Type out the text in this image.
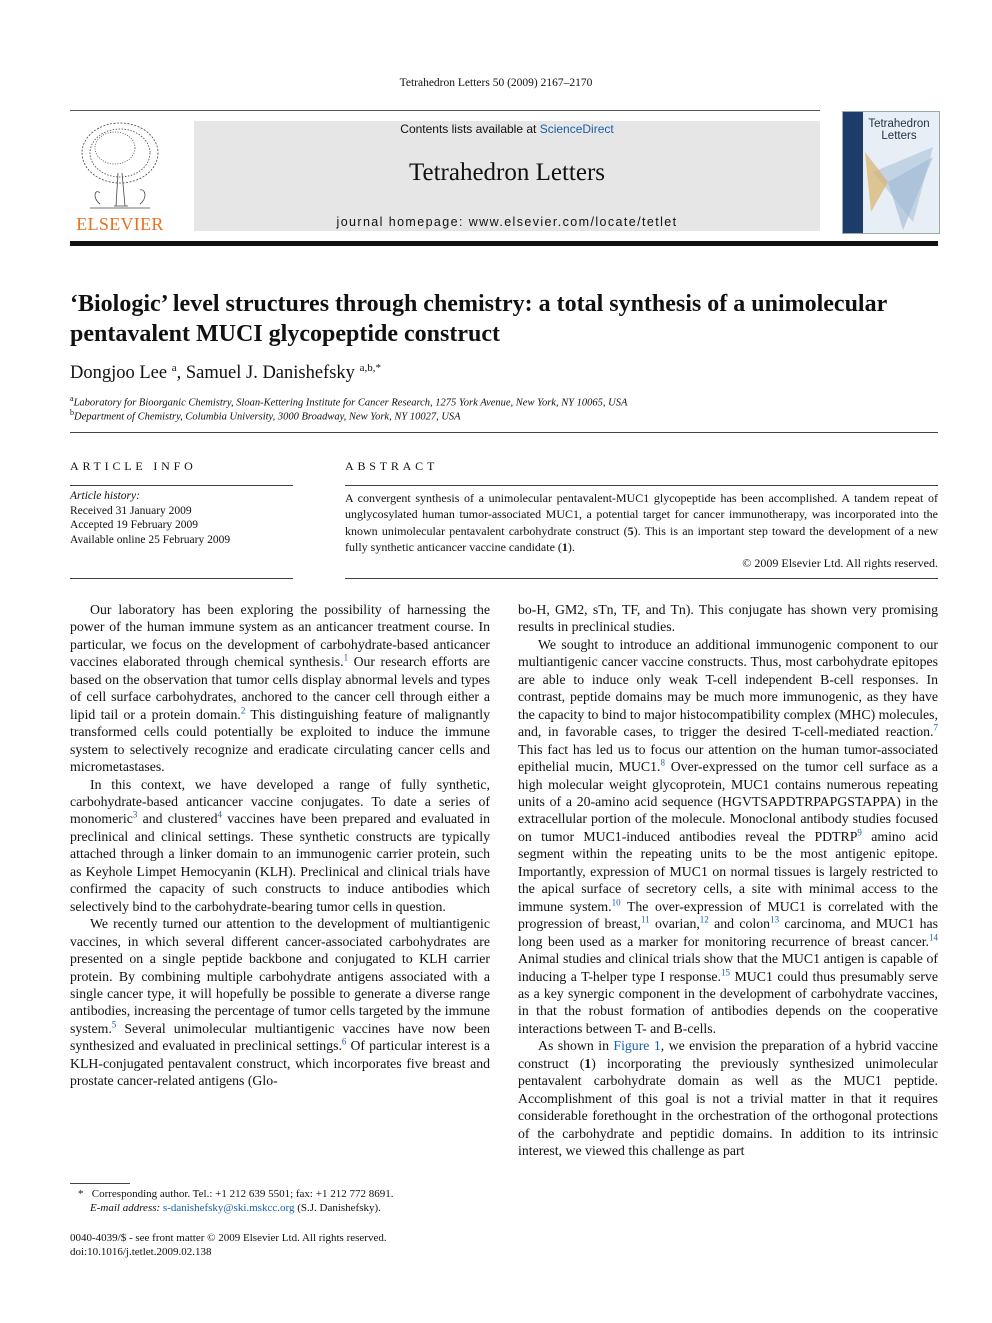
Tetrahedron Letters 50 (2009) 2167–2170
ELSEVIER
Contents lists available at ScienceDirect
Tetrahedron Letters
journal homepage: www.elsevier.com/locate/tetlet
Tetrahedron Letters
‘Biologic’ level structures through chemistry: a total synthesis of a unimolecular pentavalent MUCI glycopeptide construct
Dongjoo Lee $^a$, Samuel J. Danishefsky $^{a,b,*}$
$^a$Laboratory for Bioorganic Chemistry, Sloan-Kettering Institute for Cancer Research, 1275 York Avenue, New York, NY 10065, USA
$^b$Department of Chemistry, Columbia University, 3000 Broadway, New York, NY 10027, USA
ARTICLE INFO	ABSTRACT
Article history:
Received 31 January 2009
Accepted 19 February 2009
Available online 25 February 2009
A convergent synthesis of a unimolecular pentavalent-MUC1 glycopeptide has been accomplished. A tandem repeat of unglycosylated human tumor-associated MUC1, a potential target for cancer immunotherapy, was incorporated into the known unimolecular pentavalent carbohydrate construct (5). This is an important step toward the development of a new fully synthetic anticancer vaccine candidate (1).
© 2009 Elsevier Ltd. All rights reserved.

Our laboratory has been exploring the possibility of harnessing the power of the human immune system as an anticancer treatment course. In particular, we focus on the development of carbohydrate-based anticancer vaccines elaborated through chemical synthesis.$^1$ Our research efforts are based on the observation that tumor cells display abnormal levels and types of cell surface carbohydrates, anchored to the cancer cell through either a lipid tail or a protein domain.$^2$ This distinguishing feature of malignantly transformed cells could potentially be exploited to induce the immune system to selectively recognize and eradicate circulating cancer cells and micrometastases.

In this context, we have developed a range of fully synthetic, carbohydrate-based anticancer vaccine conjugates. To date a series of monomeric$^3$ and clustered$^4$ vaccines have been prepared and evaluated in preclinical and clinical settings. These synthetic constructs are typically attached through a linker domain to an immunogenic carrier protein, such as Keyhole Limpet Hemocyanin (KLH). Preclinical and clinical trials have confirmed the capacity of such constructs to induce antibodies which selectively bind to the carbohydrate-bearing tumor cells in question.

We recently turned our attention to the development of multiantigenic vaccines, in which several different cancer-associated carbohydrates are presented on a single peptide backbone and conjugated to KLH carrier protein. By combining multiple carbohydrate antigens associated with a single cancer type, it will hopefully be possible to generate a diverse range antibodies, increasing the percentage of tumor cells targeted by the immune system.$^5$ Several unimolecular multiantigenic vaccines have now been synthesized and evaluated in preclinical settings.$^6$ Of particular interest is a KLH-conjugated pentavalent construct, which incorporates five breast and prostate cancer-related antigens (Glo-

bo-H, GM2, sTn, TF, and Tn). This conjugate has shown very promising results in preclinical studies.

We sought to introduce an additional immunogenic component to our multiantigenic cancer vaccine constructs. Thus, most carbohydrate epitopes are able to induce only weak T-cell independent B-cell responses. In contrast, peptide domains may be much more immunogenic, as they have the capacity to bind to major histocompatibility complex (MHC) molecules, and, in favorable cases, to trigger the desired T-cell-mediated reaction.$^7$ This fact has led us to focus our attention on the human tumor-associated epithelial mucin, MUC1.$^8$ Over-expressed on the tumor cell surface as a high molecular weight glycoprotein, MUC1 contains numerous repeating units of a 20-amino acid sequence (HGVTSAPDTRPAPGSTAPPA) in the extracellular portion of the molecule. Monoclonal antibody studies focused on tumor MUC1-induced antibodies reveal the PDTRP$^9$ amino acid segment within the repeating units to be the most antigenic epitope. Importantly, expression of MUC1 on normal tissues is largely restricted to the apical surface of secretory cells, a site with minimal access to the immune system.$^{10}$ The over-expression of MUC1 is correlated with the progression of breast,$^{11}$ ovarian,$^{12}$ and colon$^{13}$ carcinoma, and MUC1 has long been used as a marker for monitoring recurrence of breast cancer.$^{14}$ Animal studies and clinical trials show that the MUC1 antigen is capable of inducing a T-helper type I response.$^{15}$ MUC1 could thus presumably serve as a key synergic component in the development of carbohydrate vaccines, in that the robust formation of antibodies depends on the cooperative interactions between T- and B-cells.

As shown in Figure 1, we envision the preparation of a hybrid vaccine construct (1) incorporating the previously synthesized unimolecular pentavalent carbohydrate domain as well as the MUC1 peptide. Accomplishment of this goal is not a trivial matter in that it requires considerable forethought in the orchestration of the orthogonal protections of the carbohydrate and peptidic domains. In addition to its intrinsic interest, we viewed this challenge as part

* Corresponding author. Tel.: +1 212 639 5501; fax: +1 212 772 8691.
E-mail address: s-danishefsky@ski.mskcc.org (S.J. Danishefsky).
0040-4039/$ - see front matter © 2009 Elsevier Ltd. All rights reserved.
doi:10.1016/j.tetlet.2009.02.138
